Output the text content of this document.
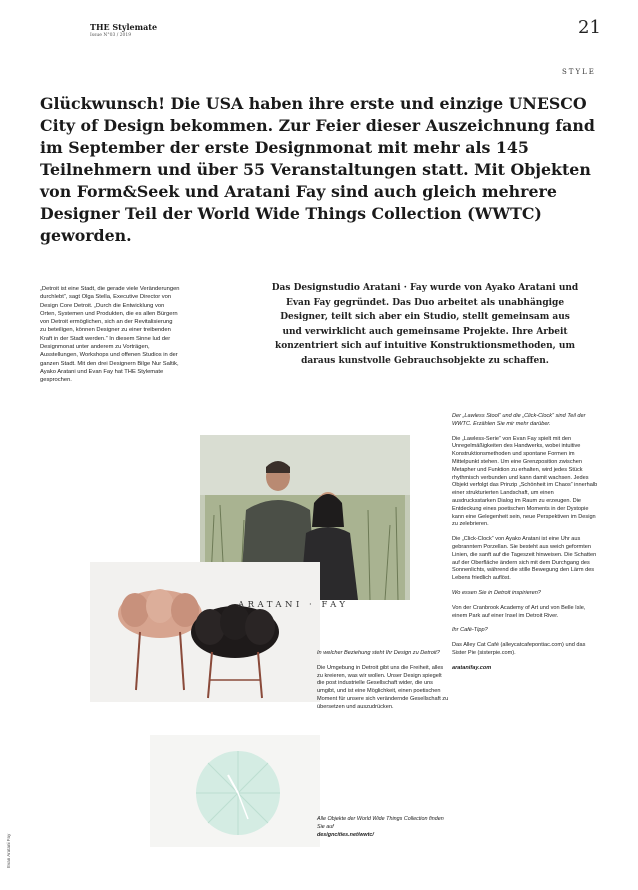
THE Stylemate
Issue N°03 / 2019	21
STYLE
Glückwunsch! Die USA haben ihre erste und einzige UNESCO City of Design bekommen. Zur Feier dieser Auszeichnung fand im September der erste Designmonat mit mehr als 145 Teilnehmern und über 55 Veranstaltungen statt. Mit Objekten von Form&Seek und Aratani Fay sind auch gleich mehrere Designer Teil der World Wide Things Collection (WWTC) geworden.
„Detroit ist eine Stadt, die gerade viele Veränderungen durchlebt“, sagt Olga Stella, Executive Director von Design Core Detroit. „Durch die Entwicklung von Orten, Systemen und Produkten, die es allen Bürgern von Detroit ermöglichen, sich an der Revitalisierung zu beteiligen, können Designer zu einer treibenden Kraft in der Stadt werden.“ In diesem Sinne lud der Designmonat unter anderem zu Vorträgen, Ausstellungen, Workshops und offenen Studios in der ganzen Stadt. Mit den drei Designern Bilge Nur Saltik, Ayako Aratani und Evan Fay hat THE Stylemate gesprochen.
Das Designstudio Aratani · Fay wurde von Ayako Aratani und Evan Fay gegründet. Das Duo arbeitet als unabhängige Designer, teilt sich aber ein Studio, stellt gemeinsam aus und verwirklicht auch gemeinsame Projekte. Ihre Arbeit konzentriert sich auf intuitive Konstruktionsmethoden, um daraus kunstvolle Gebrauchsobjekte zu schaffen.
ARATANI · FAY

Der „Lawless Stool“ und die „Click-Clock“ sind Teil der WWTC. Erzählen Sie mir mehr darüber.

Die „Lawless-Serie“ von Evan Fay spielt mit den Unregelmäßigkeiten des Handwerks, wobei intuitive Konstruktionsmethoden und spontane Formen im Mittelpunkt stehen. Um eine Grenzposition zwischen Metapher und Funktion zu erhalten, wird jedes Stück rhythmisch verbunden und kann damit wachsen. Jedes Objekt verfolgt das Prinzip „Schönheit im Chaos“ innerhalb einer strukturierten Landschaft, um einen ausdrucksstarken Dialog im Raum zu erzeugen. Die Entdeckung eines poetischen Moments in der Dystopie kann eine Gelegenheit sein, neue Perspektiven im Design zu zelebrieren.

Die „Click-Clock“ von Ayako Aratani ist eine Uhr aus gebranntem Porzellan. Sie besteht aus weich geformten Linien, die sanft auf die Tageszeit hinweisen. Die Schatten auf der Oberfläche ändern sich mit dem Durchgang des Sonnenlichts, während die stille Bewegung den Lärm des Lebens friedlich auflöst.

Wo essen Sie in Detroit inspirieren?

Von der Cranbrook Academy of Art und von Belle Isle, einem Park auf einer Insel im Detroit River.

Ihr Café-Tipp?

Das Alley Cat Café (alleycatcafepontiac.com) und das Sister Pie (sisterpie.com).

aratanifay.com

In welcher Beziehung steht Ihr Design zu Detroit?

Die Umgebung in Detroit gibt uns die Freiheit, alles zu kreieren, was wir wollen. Unser Design spiegelt die post industrielle Gesellschaft wider, die uns umgibt, und ist eine Möglichkeit, einen poetischen Moment für unsere sich verändernde Gesellschaft zu übersetzen und auszudrücken.

Alle Objekte der World Wide Things Collection finden Sie auf
designcities.net/wwtc/
Evan Aratani Fay
